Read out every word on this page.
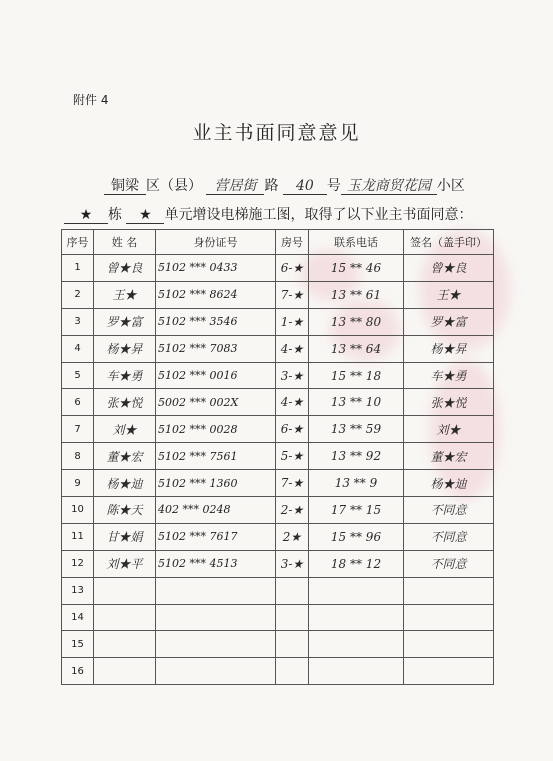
附件 4
业主书面同意意见
铜梁 区（县） 营居街 路 40 号 玉龙商贸花园 小区
★ 栋 ★ 单元增设电梯施工图，取得了以下业主书面同意：
序号	姓 名	身份证号	房号	联系电话	签名（盖手印）
1	曾★良	5102 *** 0433	6-★	15 ** 46	曾★良
2	王★	5102 *** 8624	7-★	13 ** 61	王★
3	罗★富	5102 *** 3546	1-★	13 ** 80	罗★富
4	杨★昇	5102 *** 7083	4-★	13 ** 64	杨★昇
5	车★勇	5102 *** 0016	3-★	15 ** 18	车★勇
6	张★悦	5002 *** 002X	4-★	13 ** 10	张★悦
7	刘★	5102 *** 0028	6-★	13 ** 59	刘★
8	董★宏	5102 *** 7561	5-★	13 ** 92	董★宏
9	杨★迪	5102 *** 1360	7-★	13 ** 9	杨★迪
10	陈★天	402 *** 0248	2-★	17 ** 15	不同意
11	甘★娟	5102 *** 7617	2★	15 ** 96	不同意
12	刘★平	5102 *** 4513	3-★	18 ** 12	不同意
13					
14					
15					
16					
